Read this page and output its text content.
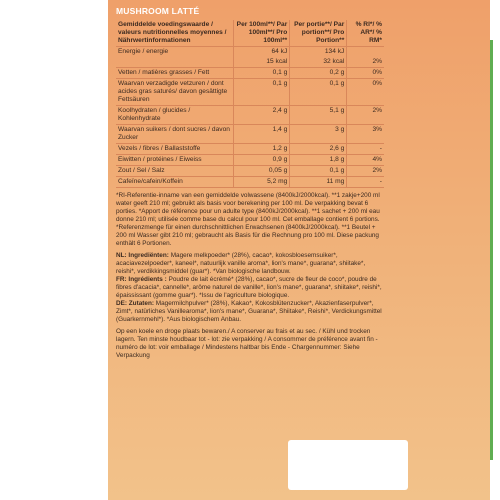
MUSHROOM LATTÉ
Gemiddelde voedingswaarde / valeurs nutritionnelles moyennes / Nährwertinformationen	Per 100ml**/ Par 100ml**/ Pro 100ml**	Per portie**/ Par portion**/ Pro Portion**	% RI*/ % AR*/ % RM*
Energie / energie	64 kJ	134 kJ	
	15 kcal	32 kcal	2%
Vetten / matières grasses / Fett	0,1 g	0,2 g	0%
Waarvan verzadigde vetzuren / dont acides gras saturés/ davon gesättigte Fettsäuren	0,1 g	0,1 g	0%
Koolhydraten / glucides / Kohlenhydrate	2,4 g	5,1 g	2%
Waarvan suikers / dont sucres / davon Zucker	1,4 g	3 g	3%
Vezels / fibres / Ballaststoffe	1,2 g	2,6 g	-
Eiwitten / protéines / Eiweiss	0,9 g	1,8 g	4%
Zout / Sel / Salz	0,05 g	0,1 g	2%
Cafeïne/cafein/Koffein	5,2 mg	11 mg	-
*RI-Referentie-inname van een gemiddelde volwassene (8400kJ/2000kcal). **1 zakje+200 ml water geeft 210 ml; gebruikt als basis voor berekening per 100 ml. De verpakking bevat 6 porties. *Apport de référence pour un adulte type (8400kJ/2000kcal). **1 sachet + 200 ml eau donne 210 ml; utilisée comme base du calcul pour 100 ml. Cet emballage contient 6 portions. *Referenzmenge für einen durchschnittlichen Erwachsenen (8400kJ/2000kcal). **1 Beutel + 200 ml Wasser gibt 210 ml; gebraucht als Basis für die Rechnung pro 100 ml. Diese packung enthält 6 Portionen.
NL: Ingrediënten: Magere melkpoeder* (28%), cacao*, kokosbloesemsuiker*, acaciavezelpoeder*, kaneel*, natuurlijk vanille aroma*, lion's mane*, guarana*, shiitake*, reishi*, verdikkingsmiddel (guar*). *Van biologische landbouw.
FR: Ingrédients : Poudre de lait écrémé* (28%), cacao*, sucre de fleur de coco*, poudre de fibres d'acacia*, cannelle*, arôme naturel de vanille*, lion's mane*, guarana*, shiitake*, reishi*, épaississant (gomme guar*). *Issu de l'agriculture biologique.
DE: Zutaten: Magermilchpulver* (28%), Kakao*, Kokosblütenzucker*, Akazienfaserpulver*, Zimt*, natürliches Vanillearoma*, lion's mane*, Guarana*, Shiitake*, Reishi*, Verdickungsmittel (Guarkernmehl*). *Aus biologischem Anbau.
Op een koele en droge plaats bewaren./ A conserver au frais et au sec. / Kühl und trocken lagern. Ten minste houdbaar tot - lot: zie verpakking / A consommer de préférence avant fin - numéro de lot: voir emballage / Mindestens haltbar bis Ende - Chargennummer: Siehe Verpackung
